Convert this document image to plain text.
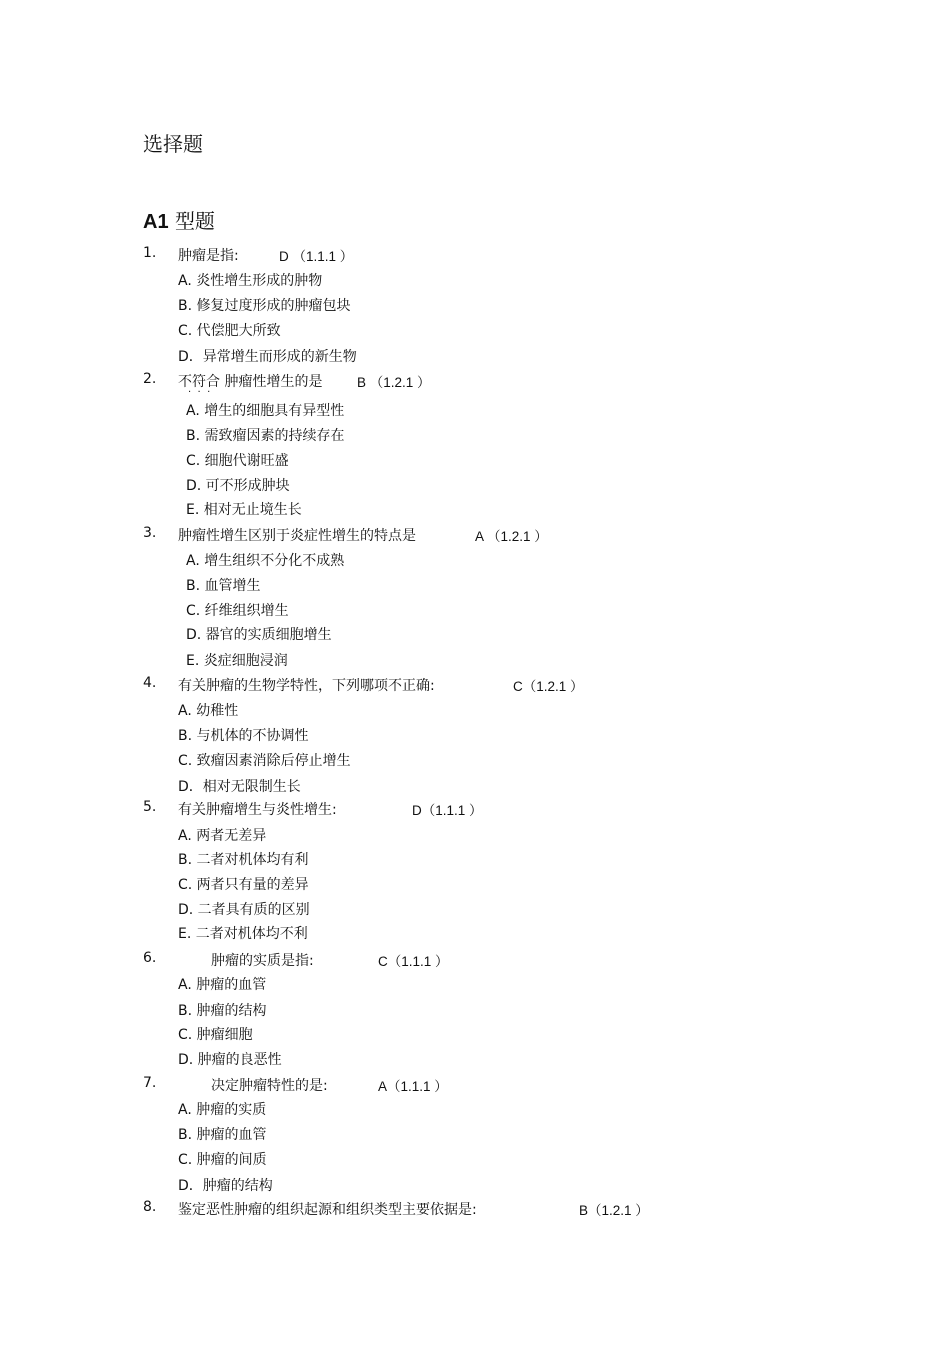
选择题
A1 型题
1. 肿瘤是指:	D （1.1.1 ）
A. 炎性增生形成的肿物
B. 修复过度形成的肿瘤包块
C. 代偿肥大所致
D．异常增生而形成的新生物
2. 不符合
·  ·  ·
肿瘤性增生的是	B （1.2.1 ）
A. 增生的细胞具有异型性
B. 需致瘤因素的持续存在
C. 细胞代谢旺盛
D. 可不形成肿块
E. 相对无止境生长
3. 肿瘤性增生区别于炎症性增生的特点是	A （1.2.1 ）
A. 增生组织不分化不成熟
B. 血管增生
C. 纤维组织增生
D. 器官的实质细胞增生
E. 炎症细胞浸润
4. 有关肿瘤的生物学特性，下列哪项不正确:	C（1.2.1 ）
A. 幼稚性
B. 与机体的不协调性
C. 致瘤因素消除后停止增生
D．相对无限制生长
5. 有关肿瘤增生与炎性增生:	D（1.1.1 ）
A. 两者无差异
B. 二者对机体均有利
C. 两者只有量的差异
D. 二者具有质的区别
E. 二者对机体均不利
6.	肿瘤的实质是指:	C（1.1.1 ）
A. 肿瘤的血管
B. 肿瘤的结构
C. 肿瘤细胞
D. 肿瘤的良恶性
7.	决定肿瘤特性的是:	A（1.1.1 ）
A. 肿瘤的实质
B. 肿瘤的血管
C. 肿瘤的间质
D．肿瘤的结构
8. 鉴定恶性肿瘤的组织起源和组织类型主要依据是:	B（1.2.1 ）
